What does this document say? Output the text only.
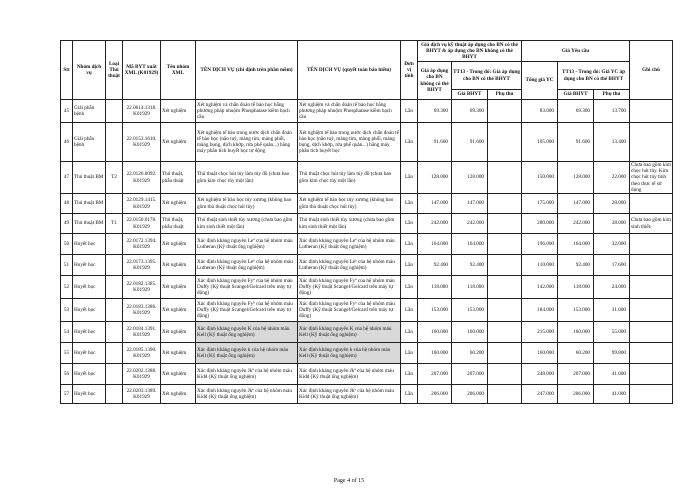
Stt	Nhóm dịch vụ	Loại Thủ thuật	Mã BYT xuất XML (K01929)	Tên nhóm XML	TÊN DỊCH VỤ (chỉ định trên phần mềm)	TÊN DỊCH VỤ (quyết toán bảo hiểm)	Đơn vị tính	Giá dịch vụ kỹ thuật áp dụng cho BN có thẻ BHYT & áp dụng cho BN không có thẻ BHYT			Giá Yêu cầu			Ghi chú
								Giá áp dụng cho BN không có thẻ BHYT	TT13 - Trong đó: Giá áp dụng cho BN có thẻ BHYT		Tổng giá YC	TT13 - Trong đó: Giá YC áp dụng cho BN có thẻ BHYT		
									Giá BHYT	Phụ thu		Giá BHYT	Phụ thu	
45	Giải phẫu bệnh		22.0614.1318. K01929	Xét nghiệm	Xét nghiệm và chẩn đoán tế bào học bằng phương pháp nhuộm Phosphatase kiềm bạch cầu	Xét nghiệm và chẩn đoán tế bào học bằng phương pháp nhuộm Phosphatase kiềm bạch cầu	Lần	69.300	69.300		83.000	69.300	13.700	
46	Giải phẫu bệnh		22.0153.1610. K01929	Xét nghiệm	Xét nghiệm tế bào trong nước dịch chẩn đoán tế bào học (não tuỷ, màng tim, màng phổi, màng bụng, dịch khớp, rửa phế quản...) bằng máy phân tích huyết học tự động	Xét nghiệm tế bào trong nước dịch chẩn đoán tế bào học (não tuỷ, màng tim, màng phổi, màng bụng, dịch khớp, rửa phế quản...) bằng máy phân tích huyết học	Lần	91.600	91.600		105.000	91.600	13.400	
47	Thủ thuật BM	T2	22.0126.0092. K01929	Thủ thuật, phẫu thuật	Thủ thuật chọc hút tủy làm tủy đồ (chưa bao gồm kim chọc tủy một lần)	Thủ thuật chọc hút tủy làm tủy đồ (chưa bao gồm kim chọc tủy một lần)	Lần	128.000	128.000		150.000	128.000	22.000	Chưa bao gồm kim chọc hút tủy. Kim chọc hút tủy tính theo thực tế sử dụng
48	Thủ thuật BM		22.0129.1415. K01929	Xét nghiệm	Xét nghiệm tế bào học tủy xương (không bao gồm thủ thuật chọc hút tủy)	Xét nghiệm tế bào học tủy xương (không bao gồm thủ thuật chọc hút tủy)	Lần	147.000	147.000		175.000	147.000	28.000	
49	Thủ thuật BM	T1	22.0150.0178. K01929	Thủ thuật, phẫu thuật	Thủ thuật sinh thiết tủy xương (chưa bao gồm kim sinh thiết một lần)	Thủ thuật sinh thiết tủy xương (chưa bao gồm kim sinh thiết một lần)	Lần	242.000	242.000		280.000	242.000	38.000	Chưa bao gồm kim sinh thiết.
50	Huyết học		22.0172.1394. K01929	Xét nghiệm	Xác định kháng nguyên Leª của hệ nhóm máu Lutheran (Kỹ thuật ống nghiệm)	Xác định kháng nguyên Leª của hệ nhóm máu Lutheran (Kỹ thuật ống nghiệm)	Lần	164.000	164.000		196.000	164.000	32.000	
51	Huyết học		22.0173.1395. K01929	Xét nghiệm	Xác định kháng nguyên Leᵇ của hệ nhóm máu Lutheran (Kỹ thuật ống nghiệm)	Xác định kháng nguyên Leᵇ của hệ nhóm máu Lutheran (Kỹ thuật ống nghiệm)	Lần	92.400	92.400		110.000	92.400	17.600	
52	Huyết học		22.0182.1385. K01929	Xét nghiệm	Xác định kháng nguyên Fyª của hệ nhóm máu Duffy (Kỹ thuật Scangel/Gelcard trên máy tự động)	Xác định kháng nguyên Fyª của hệ nhóm máu Duffy (Kỹ thuật Scangel/Gelcard trên máy tự động)	Lần	118.000	118.000		142.000	118.000	24.000	
53	Huyết học		22.0183.1386. K01929	Xét nghiệm	Xác định kháng nguyên Fyᵇ của hệ nhóm máu Duffy (Kỹ thuật Scangel/Gelcard trên máy tự động)	Xác định kháng nguyên Fyᵇ của hệ nhóm máu Duffy (Kỹ thuật Scangel/Gelcard trên máy tự động)	Lần	153.000	153.000		184.000	153.000	31.000	
54	Huyết học		22.0184.1391. K01929	Xét nghiệm	Xác định kháng nguyên K của hệ nhóm máu Kell (Kỹ thuật ống nghiệm)	Xác định kháng nguyên K của hệ nhóm máu Kell (Kỹ thuật ống nghiệm)	Lần	160.000	160.000		215.000	160.000	55.000	
55	Huyết học		22.0185.1390. K01929	Xét nghiệm	Xác định kháng nguyên k của hệ nhóm máu Kell (Kỹ thuật ống nghiệm)	Xác định kháng nguyên k của hệ nhóm máu Kell (Kỹ thuật ống nghiệm)	Lần	160.000	60.200		160.000	60.200	99.800	
56	Huyết học		22.0202.1388. K01929	Xét nghiệm	Xác định kháng nguyên Jkª của hệ nhóm máu Kidd (Kỹ thuật ống nghiệm)	Xác định kháng nguyên Jkª của hệ nhóm máu Kidd (Kỹ thuật ống nghiệm)	Lần	207.000	207.000		248.000	207.000	41.000	
57	Huyết học		22.0203.1389. K01929	Xét nghiệm	Xác định kháng nguyên Jkᵇ của hệ nhóm máu Kidd (Kỹ thuật ống nghiệm)	Xác định kháng nguyên Jkᵇ của hệ nhóm máu Kidd (Kỹ thuật ống nghiệm)	Lần	206.000	206.000		247.000	206.000	41.000	
Page 4 of 15
